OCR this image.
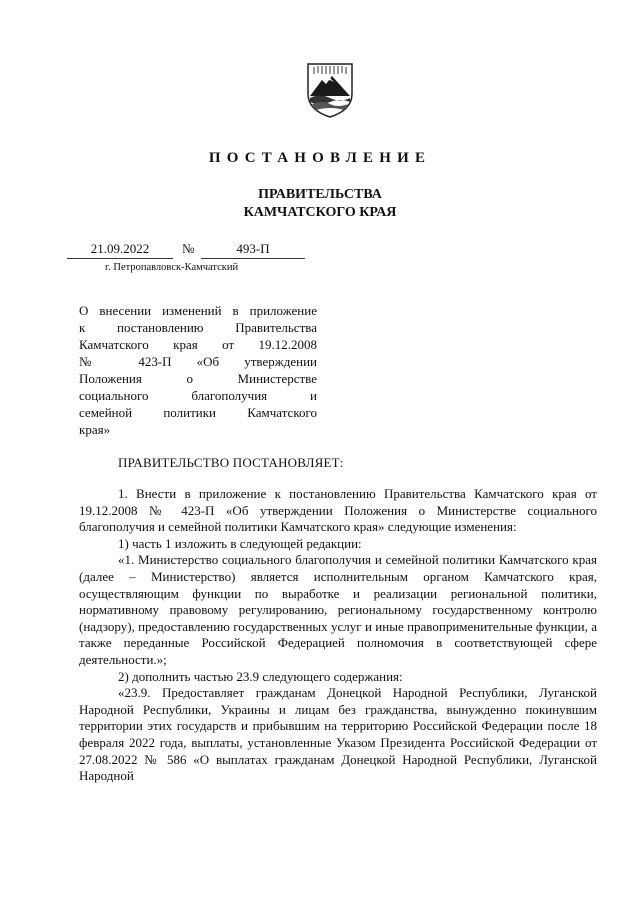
ПОСТАНОВЛЕНИЕ
ПРАВИТЕЛЬСТВА
КАМЧАТСКОГО КРАЯ
21.09.2022	№	493-П
г. Петропавловск-Камчатский
О внесении изменений в приложение
к постановлению Правительства
Камчатского края от 19.12.2008
№ 423-П «Об утверждении
Положения о Министерстве
социального благополучия и
семейной политики Камчатского
края»
ПРАВИТЕЛЬСТВО ПОСТАНОВЛЯЕТ:

1. Внести в приложение к постановлению Правительства Камчатского края от 19.12.2008 № 423-П «Об утверждении Положения о Министерстве социального благополучия и семейной политики Камчатского края» следующие изменения:

1) часть 1 изложить в следующей редакции:

«1. Министерство социального благополучия и семейной политики Камчатского края (далее – Министерство) является исполнительным органом Камчатского края, осуществляющим функции по выработке и реализации региональной политики, нормативному правовому регулированию, региональному государственному контролю (надзору), предоставлению государственных услуг и иные правоприменительные функции, а также переданные Российской Федерацией полномочия в соответствующей сфере деятельности.»;

2) дополнить частью 23.9 следующего содержания:

«23.9. Предоставляет гражданам Донецкой Народной Республики, Луганской Народной Республики, Украины и лицам без гражданства, вынужденно покинувшим территории этих государств и прибывшим на территорию Российской Федерации после 18 февраля 2022 года, выплаты, установленные Указом Президента Российской Федерации от 27.08.2022 № 586 «О выплатах гражданам Донецкой Народной Республики, Луганской Народной
